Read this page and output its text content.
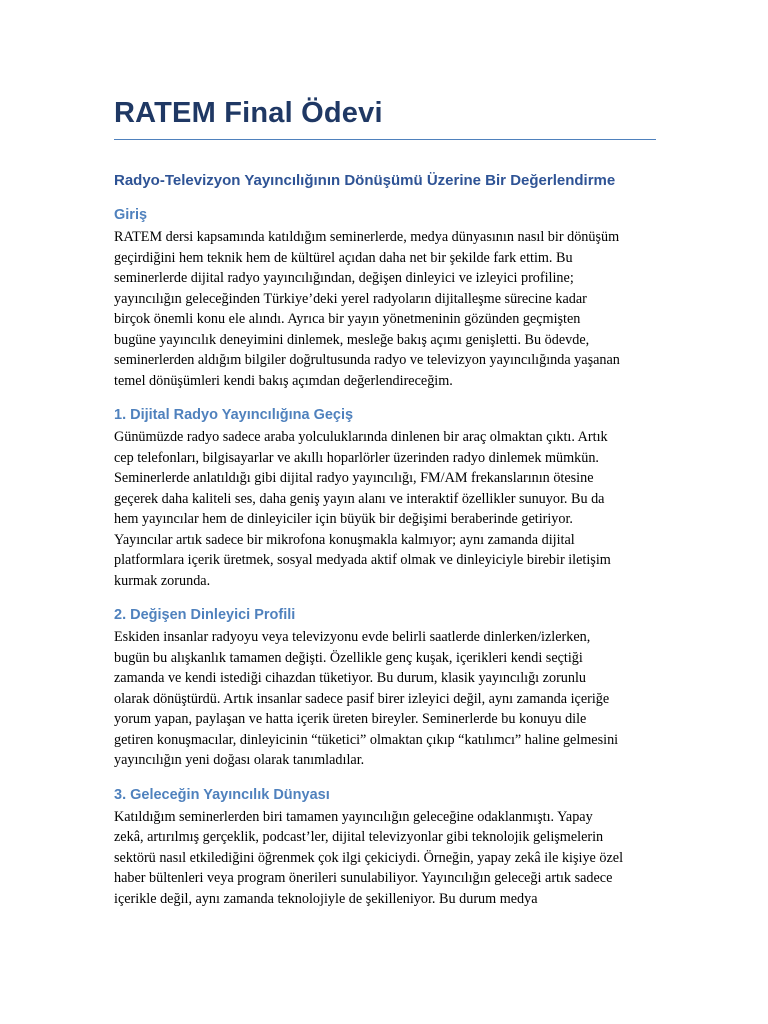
RATEM Final Ödevi
Radyo-Televizyon Yayıncılığının Dönüşümü Üzerine Bir Değerlendirme
Giriş

RATEM dersi kapsamında katıldığım seminerlerde, medya dünyasının nasıl bir dönüşüm
geçirdiğini hem teknik hem de kültürel açıdan daha net bir şekilde fark ettim. Bu
seminerlerde dijital radyo yayıncılığından, değişen dinleyici ve izleyici profiline;
yayıncılığın geleceğinden Türkiye’deki yerel radyoların dijitalleşme sürecine kadar
birçok önemli konu ele alındı. Ayrıca bir yayın yönetmeninin gözünden geçmişten
bugüne yayıncılık deneyimini dinlemek, mesleğe bakış açımı genişletti. Bu ödevde,
seminerlerden aldığım bilgiler doğrultusunda radyo ve televizyon yayıncılığında yaşanan
temel dönüşümleri kendi bakış açımdan değerlendireceğim.

1. Dijital Radyo Yayıncılığına Geçiş

Günümüzde radyo sadece araba yolculuklarında dinlenen bir araç olmaktan çıktı. Artık
cep telefonları, bilgisayarlar ve akıllı hoparlörler üzerinden radyo dinlemek mümkün.
Seminerlerde anlatıldığı gibi dijital radyo yayıncılığı, FM/AM frekanslarının ötesine
geçerek daha kaliteli ses, daha geniş yayın alanı ve interaktif özellikler sunuyor. Bu da
hem yayıncılar hem de dinleyiciler için büyük bir değişimi beraberinde getiriyor.
Yayıncılar artık sadece bir mikrofona konuşmakla kalmıyor; aynı zamanda dijital
platformlara içerik üretmek, sosyal medyada aktif olmak ve dinleyiciyle birebir iletişim
kurmak zorunda.

2. Değişen Dinleyici Profili

Eskiden insanlar radyoyu veya televizyonu evde belirli saatlerde dinlerken/izlerken,
bugün bu alışkanlık tamamen değişti. Özellikle genç kuşak, içerikleri kendi seçtiği
zamanda ve kendi istediği cihazdan tüketiyor. Bu durum, klasik yayıncılığı zorunlu
olarak dönüştürdü. Artık insanlar sadece pasif birer izleyici değil, aynı zamanda içeriğe
yorum yapan, paylaşan ve hatta içerik üreten bireyler. Seminerlerde bu konuyu dile
getiren konuşmacılar, dinleyicinin “tüketici” olmaktan çıkıp “katılımcı” haline gelmesini
yayıncılığın yeni doğası olarak tanımladılar.

3. Geleceğin Yayıncılık Dünyası

Katıldığım seminerlerden biri tamamen yayıncılığın geleceğine odaklanmıştı. Yapay
zekâ, artırılmış gerçeklik, podcast’ler, dijital televizyonlar gibi teknolojik gelişmelerin
sektörü nasıl etkilediğini öğrenmek çok ilgi çekiciydi. Örneğin, yapay zekâ ile kişiye özel
haber bültenleri veya program önerileri sunulabiliyor. Yayıncılığın geleceği artık sadece
içerikle değil, aynı zamanda teknolojiyle de şekilleniyor. Bu durum medya
